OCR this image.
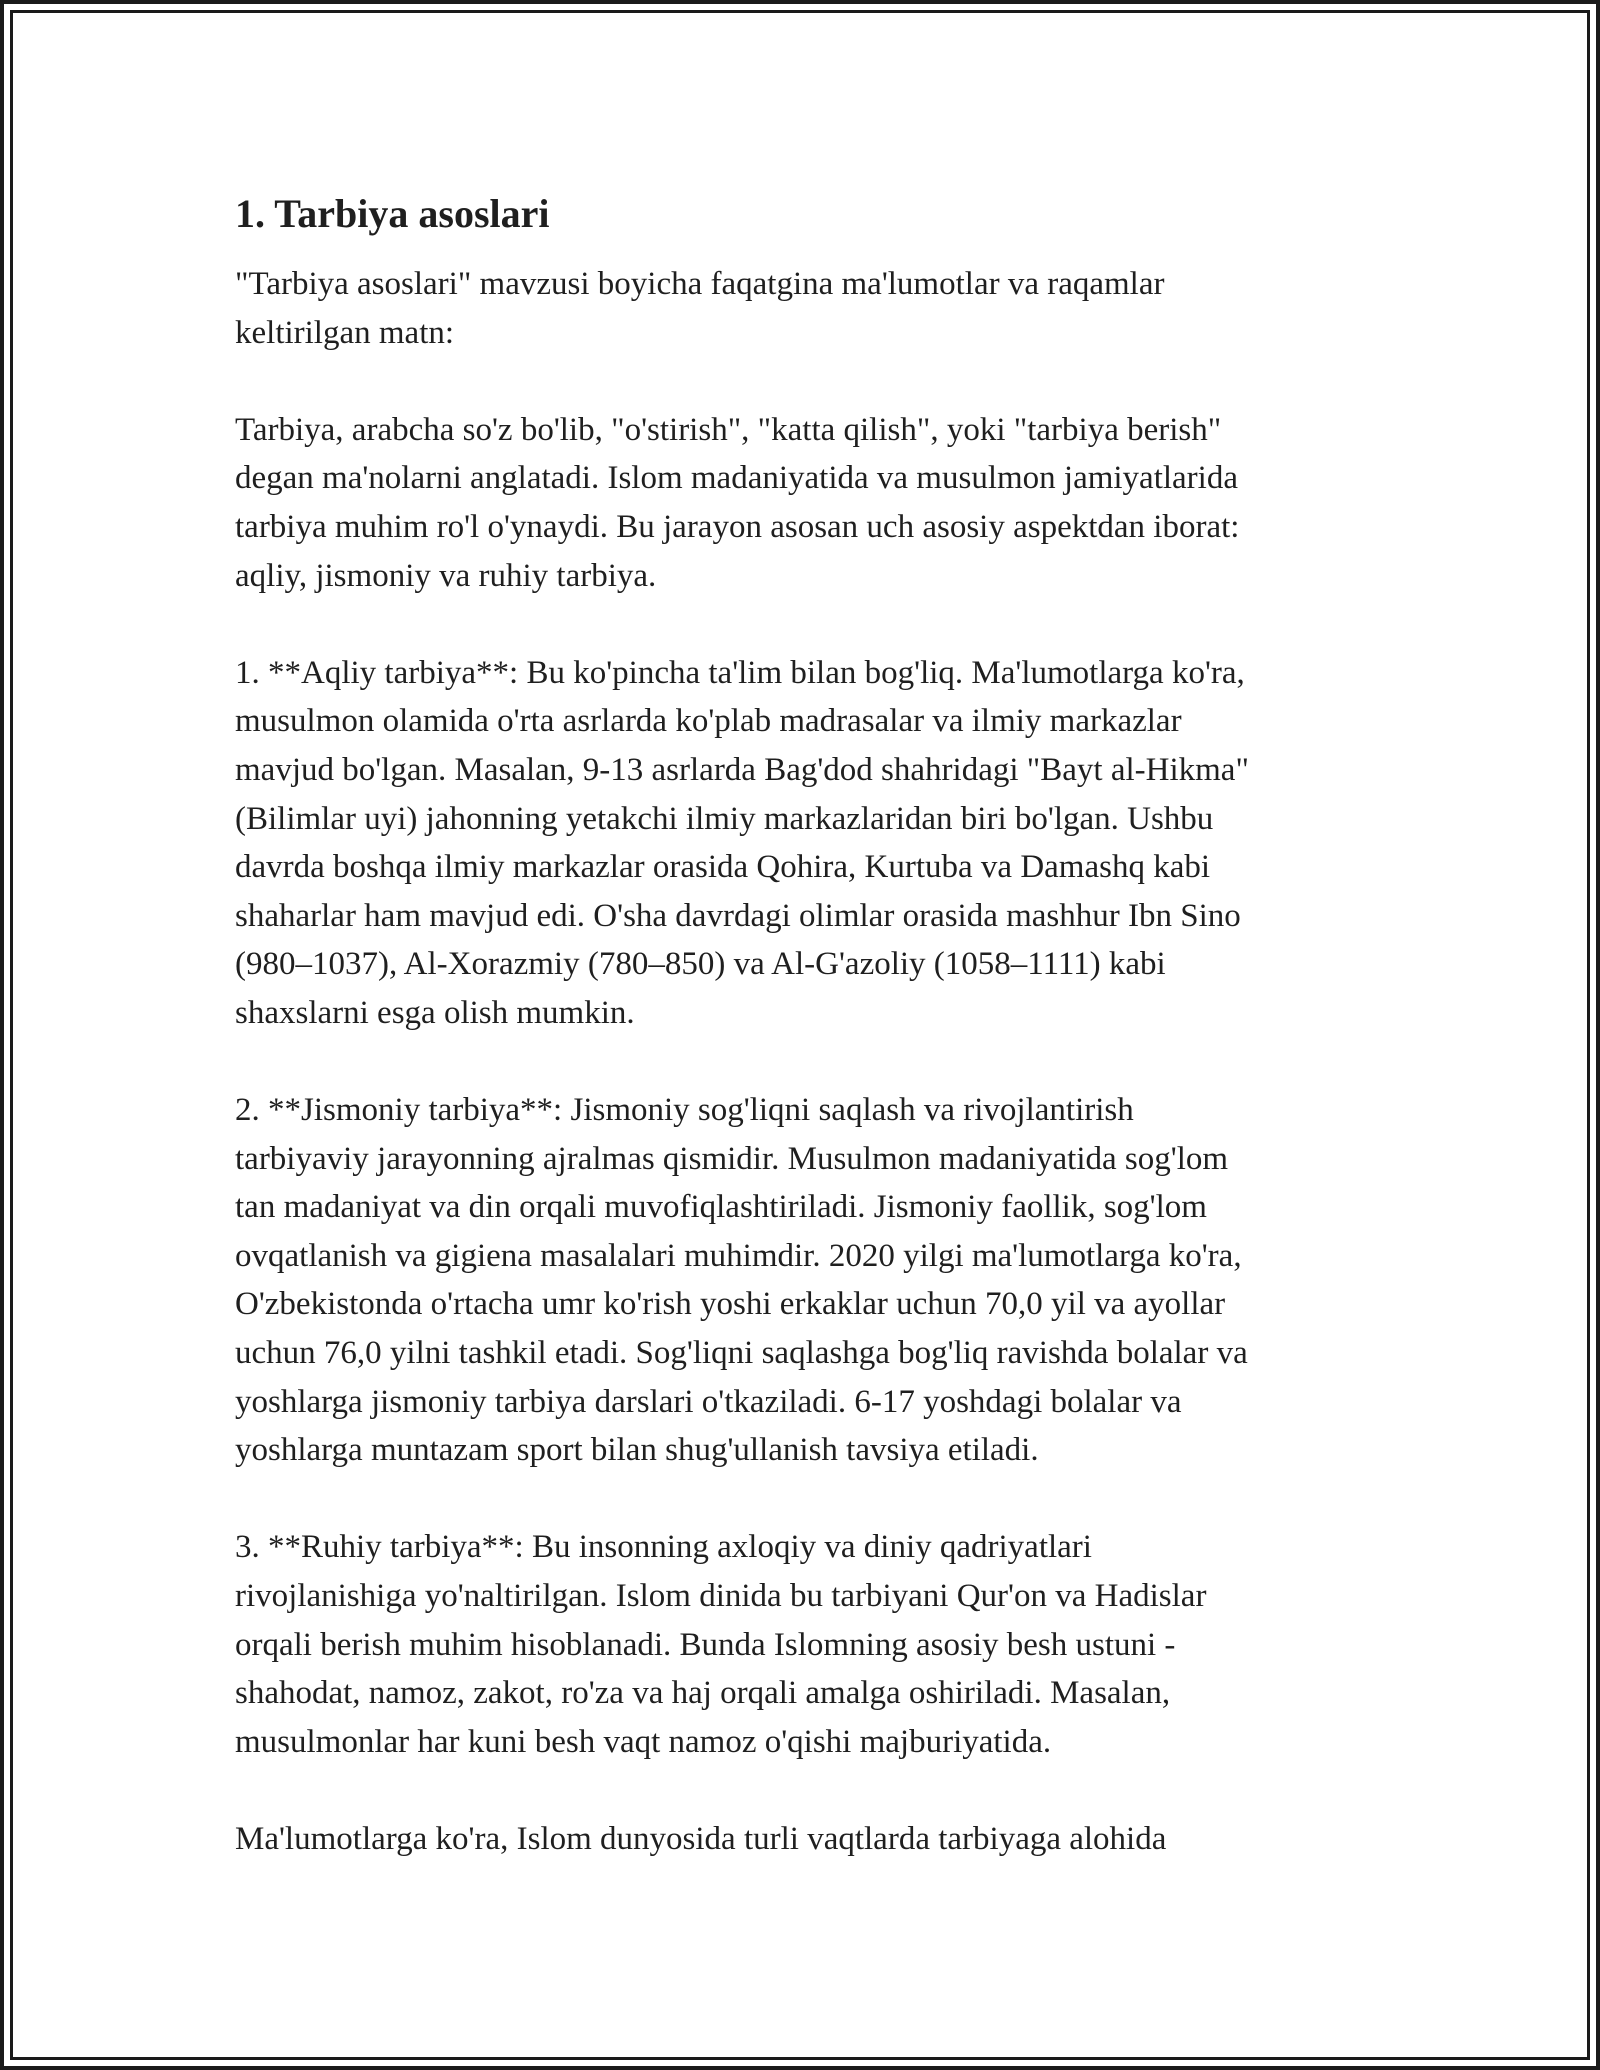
1. Tarbiya asoslari
"Tarbiya asoslari" mavzusi boyicha faqatgina ma'lumotlar va raqamlar
keltirilgan matn:
Tarbiya, arabcha so'z bo'lib, "o'stirish", "katta qilish", yoki "tarbiya berish"
degan ma'nolarni anglatadi. Islom madaniyatida va musulmon jamiyatlarida
tarbiya muhim ro'l o'ynaydi. Bu jarayon asosan uch asosiy aspektdan iborat:
aqliy, jismoniy va ruhiy tarbiya.
1. **Aqliy tarbiya**: Bu ko'pincha ta'lim bilan bog'liq. Ma'lumotlarga ko'ra,
musulmon olamida o'rta asrlarda ko'plab madrasalar va ilmiy markazlar
mavjud bo'lgan. Masalan, 9-13 asrlarda Bag'dod shahridagi "Bayt al-Hikma"
(Bilimlar uyi) jahonning yetakchi ilmiy markazlaridan biri bo'lgan. Ushbu
davrda boshqa ilmiy markazlar orasida Qohira, Kurtuba va Damashq kabi
shaharlar ham mavjud edi. O'sha davrdagi olimlar orasida mashhur Ibn Sino
(980–1037), Al-Xorazmiy (780–850) va Al-G'azoliy (1058–1111) kabi
shaxslarni esga olish mumkin.
2. **Jismoniy tarbiya**: Jismoniy sog'liqni saqlash va rivojlantirish
tarbiyaviy jarayonning ajralmas qismidir. Musulmon madaniyatida sog'lom
tan madaniyat va din orqali muvofiqlashtiriladi. Jismoniy faollik, sog'lom
ovqatlanish va gigiena masalalari muhimdir. 2020 yilgi ma'lumotlarga ko'ra,
O'zbekistonda o'rtacha umr ko'rish yoshi erkaklar uchun 70,0 yil va ayollar
uchun 76,0 yilni tashkil etadi. Sog'liqni saqlashga bog'liq ravishda bolalar va
yoshlarga jismoniy tarbiya darslari o'tkaziladi. 6-17 yoshdagi bolalar va
yoshlarga muntazam sport bilan shug'ullanish tavsiya etiladi.
3. **Ruhiy tarbiya**: Bu insonning axloqiy va diniy qadriyatlari
rivojlanishiga yo'naltirilgan. Islom dinida bu tarbiyani Qur'on va Hadislar
orqali berish muhim hisoblanadi. Bunda Islomning asosiy besh ustuni -
shahodat, namoz, zakot, ro'za va haj orqali amalga oshiriladi. Masalan,
musulmonlar har kuni besh vaqt namoz o'qishi majburiyatida.
Ma'lumotlarga ko'ra, Islom dunyosida turli vaqtlarda tarbiyaga alohida
